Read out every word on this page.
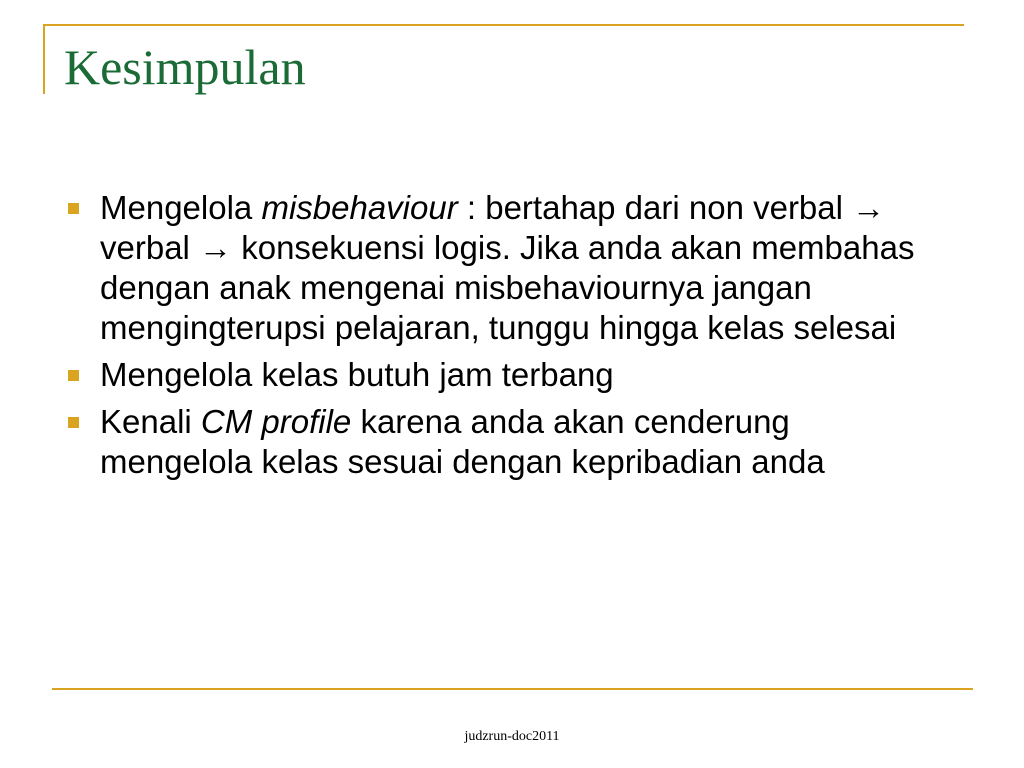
Kesimpulan
Mengelola misbehaviour : bertahap dari non verbal → verbal → konsekuensi logis. Jika anda akan membahas dengan anak mengenai misbehaviournya jangan mengingterupsi pelajaran, tunggu hingga kelas selesai
Mengelola kelas butuh jam terbang
Kenali CM profile karena anda akan cenderung mengelola kelas sesuai dengan kepribadian anda
judzrun-doc2011
